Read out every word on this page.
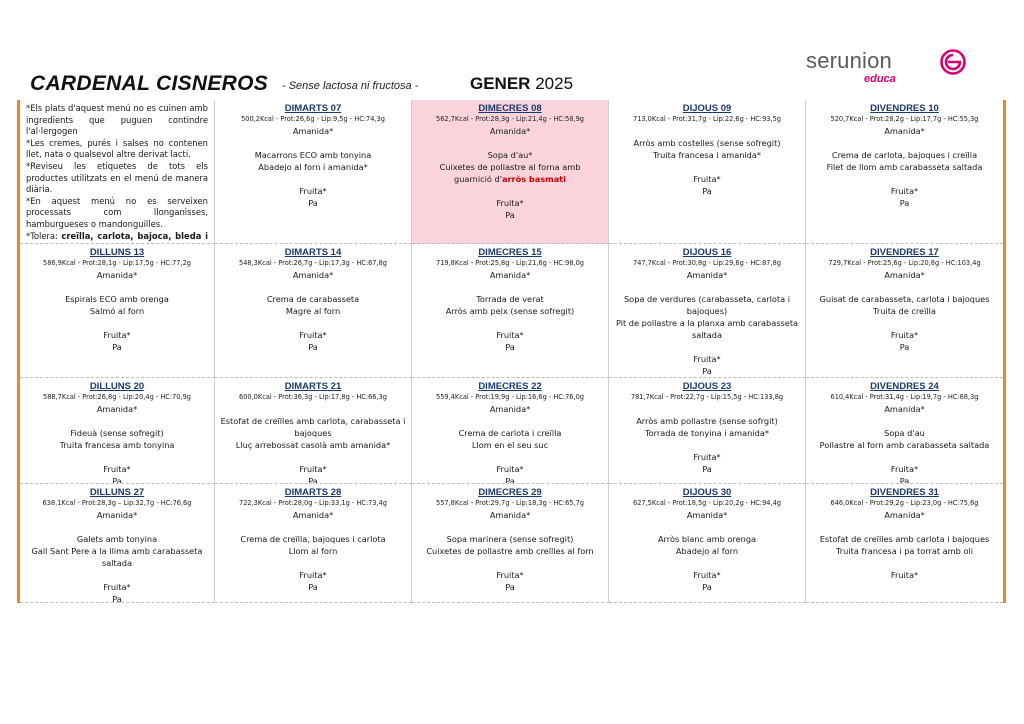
CARDENAL CISNEROS - Sense lactosa ni fructosa -	GENER 2025
serunion
educa
*Els plats d'aquest menú no es cuinen amb ingredients que puguen contindre l'al·lergogen
*Les cremes, purés i salses no contenen llet, nata o qualsevol altre derivat lacti.
*Reviseu les etiquetes de tots els productes utilitzats en el menú de manera diària.
*En aquest menú no es serveixen processats com llonganisses, hamburgueses o mandonguilles.
*Tolera: creïlla, carlota, bajoca, bleda i
DIMARTS 07
500,2Kcal - Prot:26,6g - Lip:9,5g - HC:74,3g
Amanida*
Macarrons ECO amb tonyina
Abadejo al forn i amanida*
Fruita*
Pa
DIMECRES 08
562,7Kcal - Prot:28,3g - Lip:21,4g - HC:58,9g
Amanida*
Sopa d'au*
Cuixetes de pollastre al forna amb
guarnició d'arròs basmati
Fruita*
Pa
DIJOUS 09
713,0Kcal - Prot:31,7g - Lip:22,6g - HC:93,5g
Arròs amb costelles (sense sofregit)
Truita francesa i amanida*
Fruita*
Pa
DIVENDRES 10
520,7Kcal - Prot:28,2g - Lip:17,7g - HC:55,3g
Amanida*
Crema de carlota, bajoques i creïlla
Filet de llom amb carabasseta saltada
Fruita*
Pa
DILLUNS 13
586,9Kcal - Prot:28,1g - Lip:17,5g - HC:77,2g
Amanida*
Espirals ECO amb orenga
Salmó al forn
Fruita*
Pa
DIMARTS 14
548,3Kcal - Prot:26,7g - Lip:17,3g - HC:67,8g
Amanida*
Crema de carabasseta
Magre al forn
Fruita*
Pa
DIMECRES 15
719,8Kcal - Prot:25,8g - Lip:21,6g - HC:98,0g
Amanida*
Torrada de verat
Arròs amb peix (sense sofregit)
Fruita*
Pa
DIJOUS 16
747,7Kcal - Prot:30,8g - Lip:29,6g - HC:87,8g
Amanida*
Sopa de verdures (carabasseta, carlota i
bajoques)
Pit de pollastre a la planxa amb carabasseta
saltada
Fruita*
Pa
DIVENDRES 17
729,7Kcal - Prot:25,6g - Lip:20,8g - HC:103,4g
Amanida*
Guisat de carabasseta, carlota i bajoques
Truita de creïlla
Fruita*
Pa
DILLUNS 20
588,7Kcal - Prot:26,8g - Lip:20,4g - HC:70,9g
Amanida*
Fideuà (sense sofregit)
Truita francesa amb tonyina
Fruita*
Pa
DIMARTS 21
600,0Kcal - Prot:36,3g - Lip:17,8g - HC:66,3g
Estofat de creïlles amb carlota, carabasseta i
bajoques
Lluç arrebossat casolà amb amanida*
Fruita*
Pa
DIMECRES 22
559,4Kcal - Prot:19,9g - Lip:16,6g - HC:76,0g
Amanida*
Crema de carlota i creïlla
Llom en el seu suc
Fruita*
Pa
DIJOUS 23
781,7Kcal - Prot:22,7g - Lip:15,5g - HC:133,8g
Arròs amb pollastre (sense sofrgit)
Torrada de tonyina i amanida*
Fruita*
Pa
DIVENDRES 24
610,4Kcal - Prot:31,4g - Lip:19,7g - HC:68,3g
Amanida*
Sopa d'au
Pollastre al forn amb carabasseta saltada
Fruita*
Pa
DILLUNS 27
638,1Kcal - Prot:28,3g – Lip:32,7g - HC:76,6g
Amanida*
Galets amb tonyina
Gall Sant Pere a la llima amb carabasseta
saltada
Fruita*
Pa
DIMARTS 28
722,3Kcal - Prot:28,0g - Lip:33,1g - HC:73,4g
Amanida*
Crema de creïlla, bajoques i carlota
Llom al forn
Fruita*
Pa
DIMECRES 29
557,8Kcal - Prot:29,7g - Lip:18,3g - HC:65,7g
Amanida*
Sopa marinera (sense sofregit)
Cuixetes de pollastre amb creïlles al forn
Fruita*
Pa
DIJOUS 30
627,5Kcal - Prot:18,5g - Lip:20,2g - HC:94,4g
Amanida*
Arròs blanc amb orenga
Abadejo al forn
Fruita*
Pa
DIVENDRES 31
646,0Kcal - Prot:29,2g - Lip:23,0g - HC:75,6g
Amanida*
Estofat de creïlles amb carlota i bajoques
Truita francesa i pa torrat amb oli
Fruita*
